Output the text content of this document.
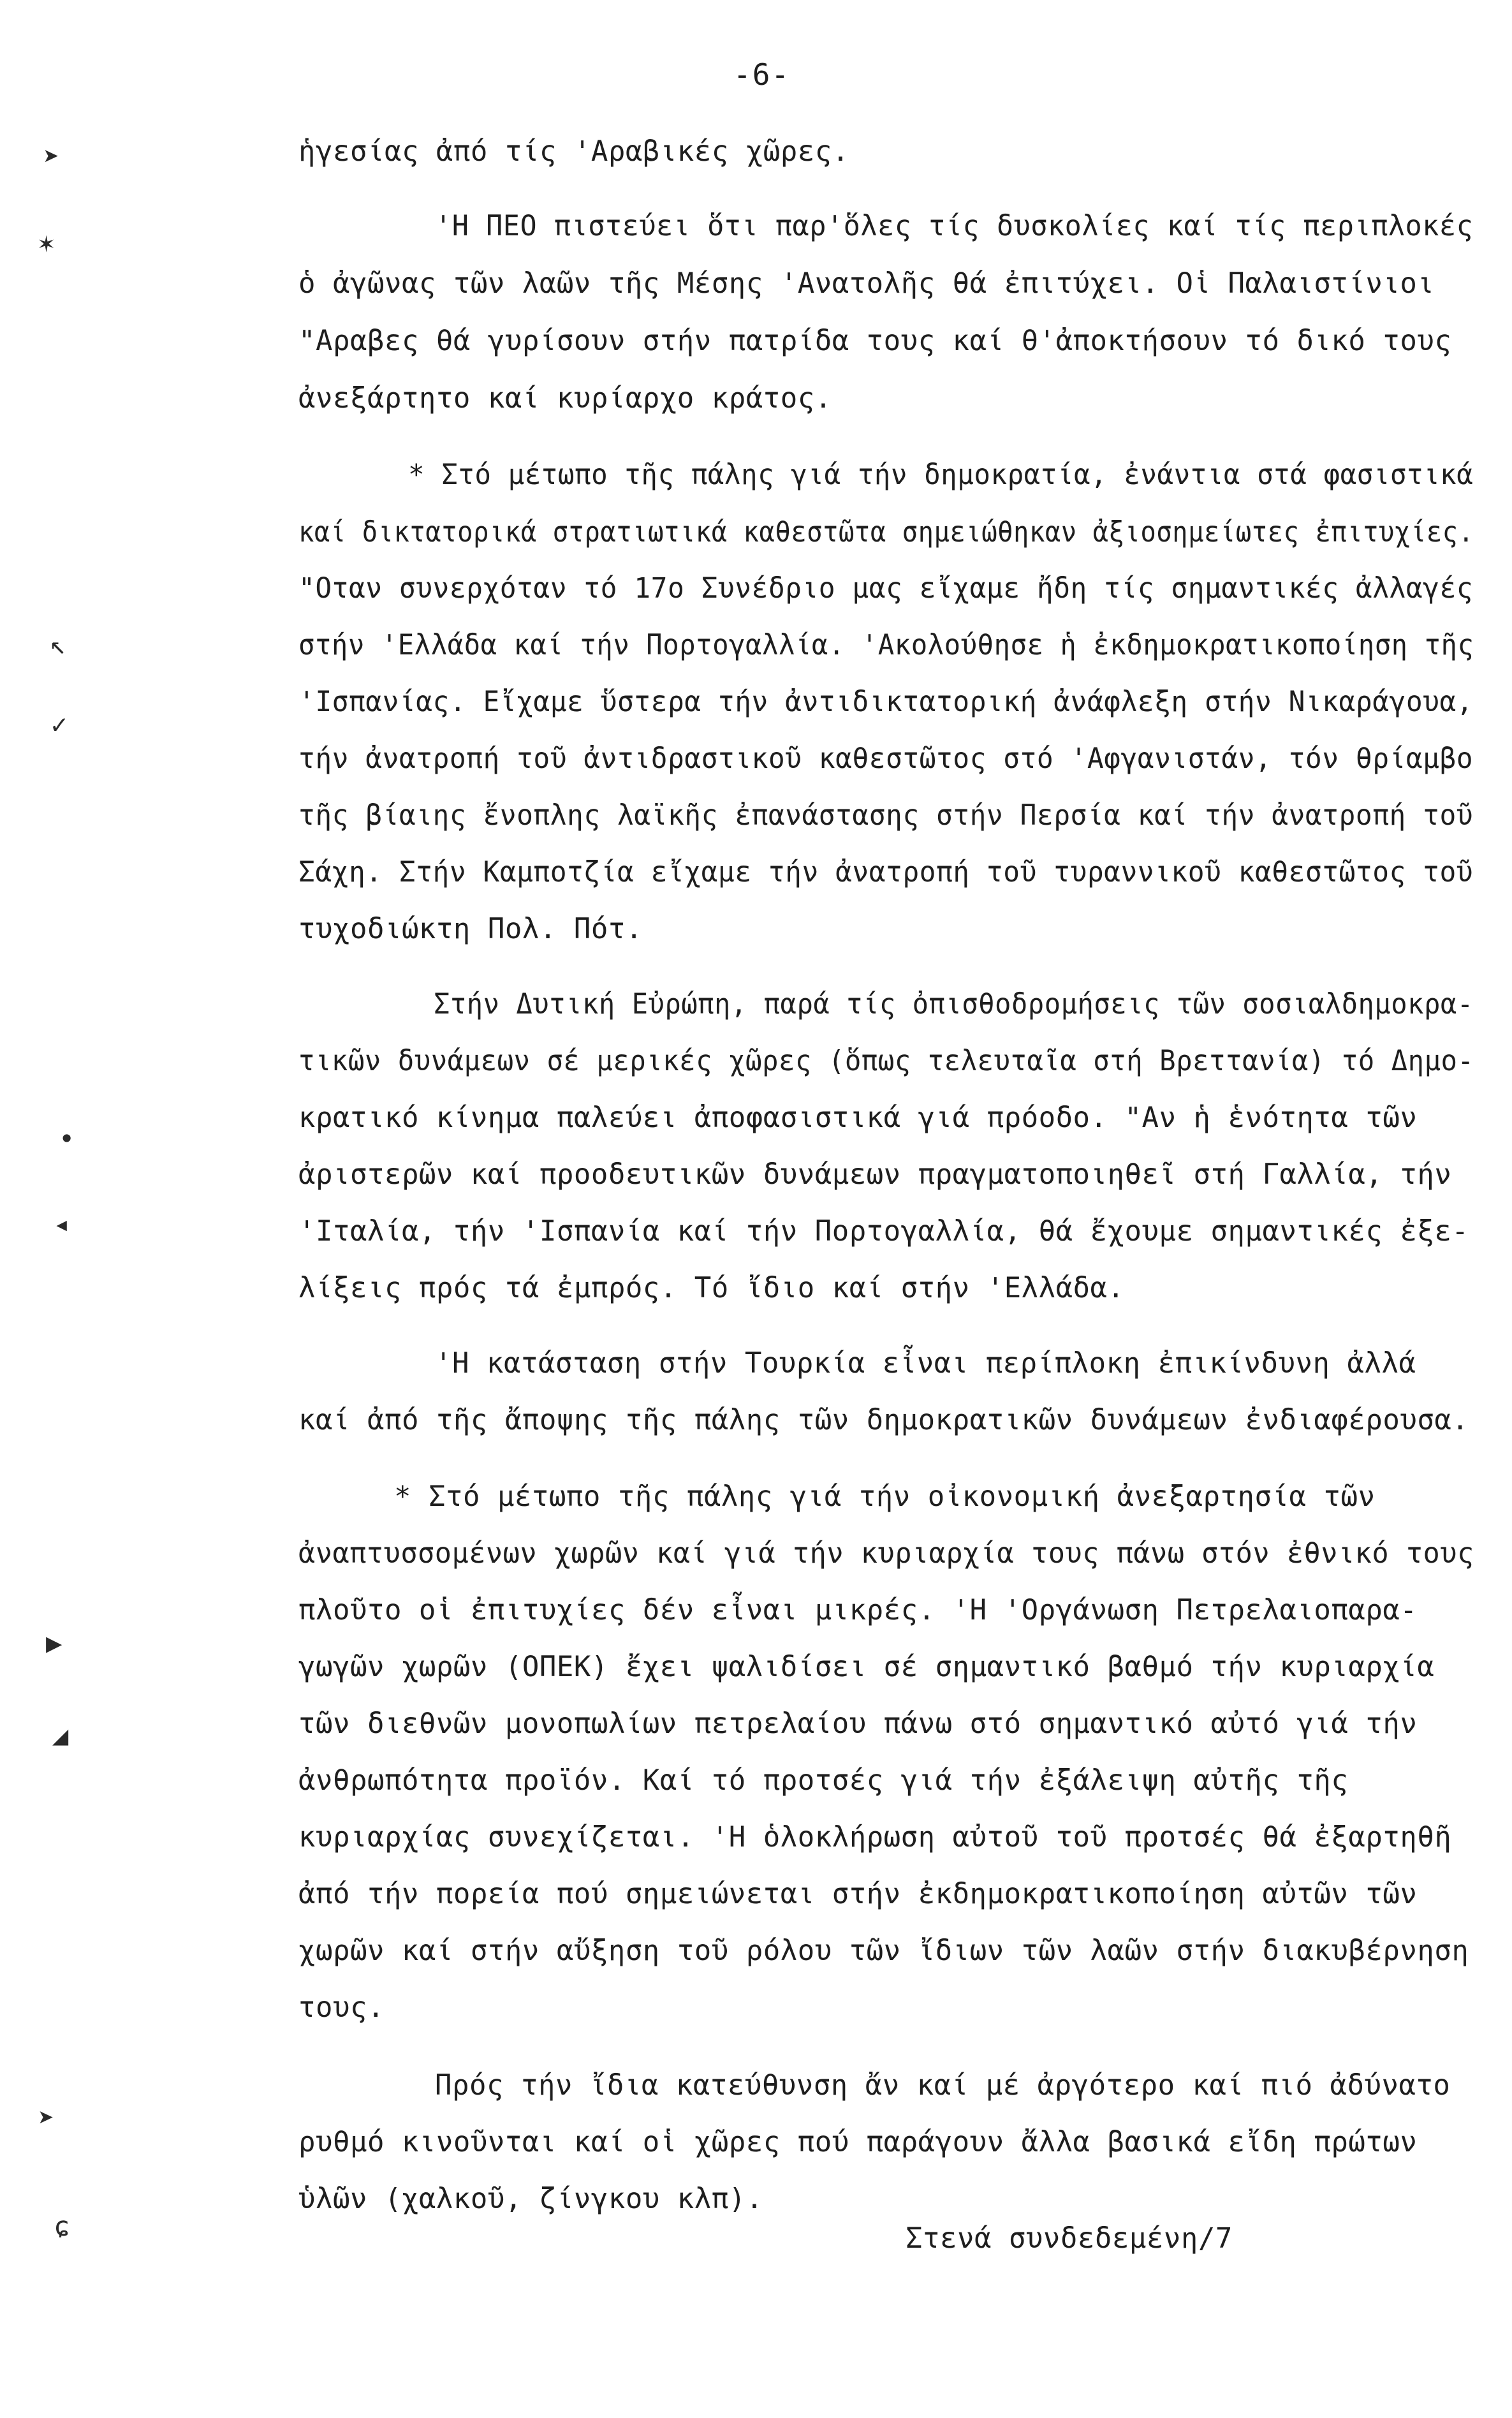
-6-
➤
✶
↖
✓
•
◂
▶
◢
➤
ɕ
ἡγεσίας ἀπό τίς 'Αραβικές χῶρες.
'Η ΠΕΟ πιστεύει ὅτι παρ'ὅλες τίς δυσκολίες καί τίς περιπλοκές
ὁ ἀγῶνας τῶν λαῶν τῆς Μέσης 'Ανατολῆς θά ἐπιτύχει. Οἱ Παλαιστίνιοι
"Αραβες θά γυρίσουν στήν πατρίδα τους καί θ'ἀποκτήσουν τό δικό τους
ἀνεξάρτητο καί κυρίαρχο κράτος.
* Στό μέτωπο τῆς πάλης γιά τήν δημοκρατία, ἐνάντια στά φασιστικά
καί δικτατορικά στρατιωτικά καθεστῶτα σημειώθηκαν ἀξιοσημείωτες ἐπιτυχίες.
"Οταν συνερχόταν τό 17ο Συνέδριο μας εἴχαμε ἤδη τίς σημαντικές ἀλλαγές
στήν 'Ελλάδα καί τήν Πορτογαλλία. 'Ακολούθησε ἡ ἐκδημοκρατικοποίηση τῆς
'Ισπανίας. Εἴχαμε ὕστερα τήν ἀντιδικτατορική ἀνάφλεξη στήν Νικαράγουα,
τήν ἀνατροπή τοῦ ἀντιδραστικοῦ καθεστῶτος στό 'Αφγανιστάν, τόν θρίαμβο
τῆς βίαιης ἔνοπλης λαϊκῆς ἐπανάστασης στήν Περσία καί τήν ἀνατροπή τοῦ
Σάχη. Στήν Καμποτζία εἴχαμε τήν ἀνατροπή τοῦ τυραννικοῦ καθεστῶτος τοῦ
τυχοδιώκτη Πολ. Πότ.
Στήν Δυτική Εὐρώπη, παρά τίς ὀπισθοδρομήσεις τῶν σοσιαλδημοκρα-
τικῶν δυνάμεων σέ μερικές χῶρες (ὅπως τελευταῖα στή Βρεττανία) τό Δημο-
κρατικό κίνημα παλεύει ἀποφασιστικά γιά πρόοδο. "Αν ἡ ἑνότητα τῶν
ἀριστερῶν καί προοδευτικῶν δυνάμεων πραγματοποιηθεῖ στή Γαλλία, τήν
'Ιταλία, τήν 'Ισπανία καί τήν Πορτογαλλία, θά ἔχουμε σημαντικές ἐξε-
λίξεις πρός τά ἐμπρός. Τό ἴδιο καί στήν 'Ελλάδα.
'Η κατάσταση στήν Τουρκία εἶναι περίπλοκη ἐπικίνδυνη ἀλλά
καί ἀπό τῆς ἄποψης τῆς πάλης τῶν δημοκρατικῶν δυνάμεων ἐνδιαφέρουσα.
* Στό μέτωπο τῆς πάλης γιά τήν οἰκονομική ἀνεξαρτησία τῶν
ἀναπτυσσομένων χωρῶν καί γιά τήν κυριαρχία τους πάνω στόν ἐθνικό τους
πλοῦτο οἱ ἐπιτυχίες δέν εἶναι μικρές. 'Η 'Οργάνωση Πετρελαιοπαρα-
γωγῶν χωρῶν (ΟΠΕΚ) ἔχει ψαλιδίσει σέ σημαντικό βαθμό τήν κυριαρχία
τῶν διεθνῶν μονοπωλίων πετρελαίου πάνω στό σημαντικό αὐτό γιά τήν
ἀνθρωπότητα προϊόν. Καί τό προτσές γιά τήν ἐξάλειψη αὐτῆς τῆς
κυριαρχίας συνεχίζεται. 'Η ὁλοκλήρωση αὐτοῦ τοῦ προτσές θά ἐξαρτηθῆ
ἀπό τήν πορεία πού σημειώνεται στήν ἐκδημοκρατικοποίηση αὐτῶν τῶν
χωρῶν καί στήν αὔξηση τοῦ ρόλου τῶν ἴδιων τῶν λαῶν στήν διακυβέρνηση
τους.
Πρός τήν ἴδια κατεύθυνση ἄν καί μέ ἀργότερο καί πιό ἀδύνατο
ρυθμό κινοῦνται καί οἱ χῶρες πού παράγουν ἄλλα βασικά εἴδη πρώτων
ὑλῶν (χαλκοῦ, ζίνγκου κλπ).
Στενά συνδεδεμένη/7
